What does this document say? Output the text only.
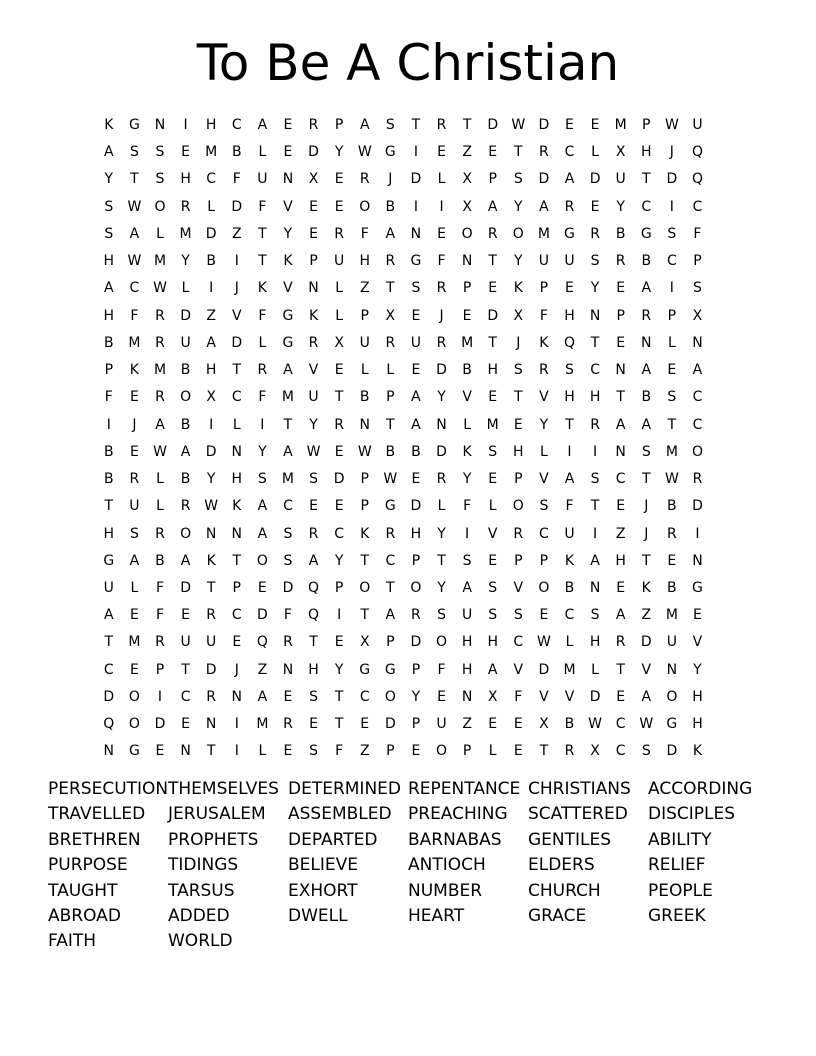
To Be A Christian
K	G	N	I	H	C	A	E	R	P	A	S	T	R	T	D W D	E	E	M	P	W U
A	S	S	E	M	B	L	E	D	Y	W G	I	E	Z	E	T	R	C	L	X	H	J	Q
Y	T	S	H	C	F	U	N	X	E	R	J	D	L	X	P	S	D	A	D	U	T	D	Q
S	W O	R	L	D	F	V	E	E	O	B	I	I	X	A	Y	A	R	E	Y	C	I	C
S	A	L	M	D	Z	T	Y	E	R	F	A	N	E	O	R	O	M	G	R	B	G	S	F
H W M	Y	B	I	T	K	P	U	H	R	G	F	N	T	Y	U	U	S	R	B	C	P
A	C W	L	I	J	K	V	N	L	Z	T	S	R	P	E	K	P	E	Y	E	A	I	S
H	F	R	D	Z	V	F	G	K	L	P	X	E	J	E	D	X	F	H	N	P	R	P	X
B	M	R	U	A	D	L	G	R	X	U	R	U	R	M	T	J	K	Q	T	E	N	L	N
P	K	M	B	H	T	R	A	V	E	L	L	E	D	B	H	S	R	S	C	N	A	E	A
F	E	R	O	X	C	F	M	U	T	B	P	A	Y	V	E	T	V	H	H	T	B	S	C
I	J	A	B	I	L	I	T	Y	R	N	T	A	N	L	M	E	Y	T	R	A	A	T	C
B	E	W A	D	N	Y	A W	E	W B	B	D	K	S	H	L	I	I	N	S	M	O
B	R	L	B	Y	H	S	M	S	D	P	W	E	R	Y	E	P	V	A	S	C	T	W R
T	U	L	R W	K	A	C	E	E	P	G	D	L	F	L	O	S	F	T	E	J	B	D
H	S	R	O	N	N	A	S	R	C	K	R	H	Y	I	V	R	C	U	I	Z	J	R	I
G	A	B	A	K	T	O	S	A	Y	T	C	P	T	S	E	P	P	K	A	H	T	E	N
U	L	F	D	T	P	E	D	Q	P	O	T	O	Y	A	S	V	O	B	N	E	K	B	G
A	E	F	E	R	C	D	F	Q	I	T	A	R	S	U	S	S	E	C	S	A	Z	M	E
T	M	R	U	U	E	Q	R	T	E	X	P	D	O	H	H	C W	L	H	R	D	U	V
C	E	P	T	D	J	Z	N	H	Y	G	G	P	F	H	A	V	D	M	L	T	V	N	Y
D	O	I	C	R	N	A	E	S	T	C	O	Y	E	N	X	F	V	V	D	E	A	O	H
Q	O	D	E	N	I	M	R	E	T	E	D	P	U	Z	E	E	X	B W C W G	H
N	G	E	N	T	I	L	E	S	F	Z	P	E	O	P	L	E	T	R	X	C	S	D	K
PERSECUTION THEMSELVES DETERMINED REPENTANCE CHRISTIANS	ACCORDING
TRAVELLED	JERUSALEM	ASSEMBLED PREACHING	SCATTERED	DISCIPLES
BRETHREN	PROPHETS	DEPARTED	BARNABAS	GENTILES	ABILITY
PURPOSE	TIDINGS	BELIEVE	ANTIOCH	ELDERS	RELIEF
TAUGHT	TARSUS	EXHORT	NUMBER	CHURCH	PEOPLE
ABROAD	ADDED	DWELL	HEART	GRACE	GREEK
FAITH	WORLD
